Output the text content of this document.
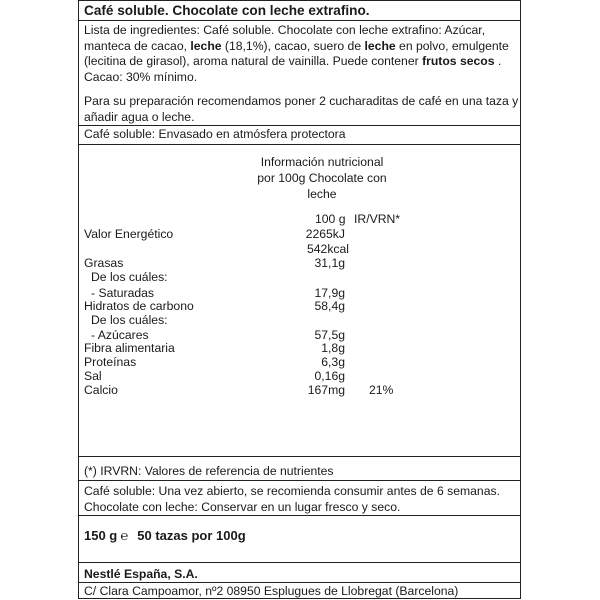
Café soluble. Chocolate con leche extrafino.
Lista de ingredientes: Café soluble. Chocolate con leche extrafino: Azúcar,
manteca de cacao, leche (18,1%), cacao, suero de leche en polvo, emulgente
(lecitina de girasol), aroma natural de vainilla. Puede contener frutos secos .
Cacao: 30% mínimo.
Para su preparación recomendamos poner 2 cucharaditas de café en una taza y
añadir agua o leche.
Café soluble: Envasado en atmósfera protectora
Información nutricional
por 100g Chocolate con
leche
100 g IR/VRN*
Valor Energético	2265kJ
542kcal
Grasas	31,1g
De los cuáles:
- Saturadas	17,9g
Hidratos de carbono	58,4g
De los cuáles:
- Azúcares	57,5g
Fibra alimentaria	1,8g
Proteínas	6,3g
Sal	0,16g
Calcio	167mg 21%
(*) IRVRN: Valores de referencia de nutrientes
Café soluble: Una vez abierto, se recomienda consumir antes de 6 semanas.
Chocolate con leche: Conservar en un lugar fresco y seco.
150 g ℮ 50 tazas por 100g
Nestlé España, S.A.
C/ Clara Campoamor, nº2 08950 Esplugues de Llobregat (Barcelona)
